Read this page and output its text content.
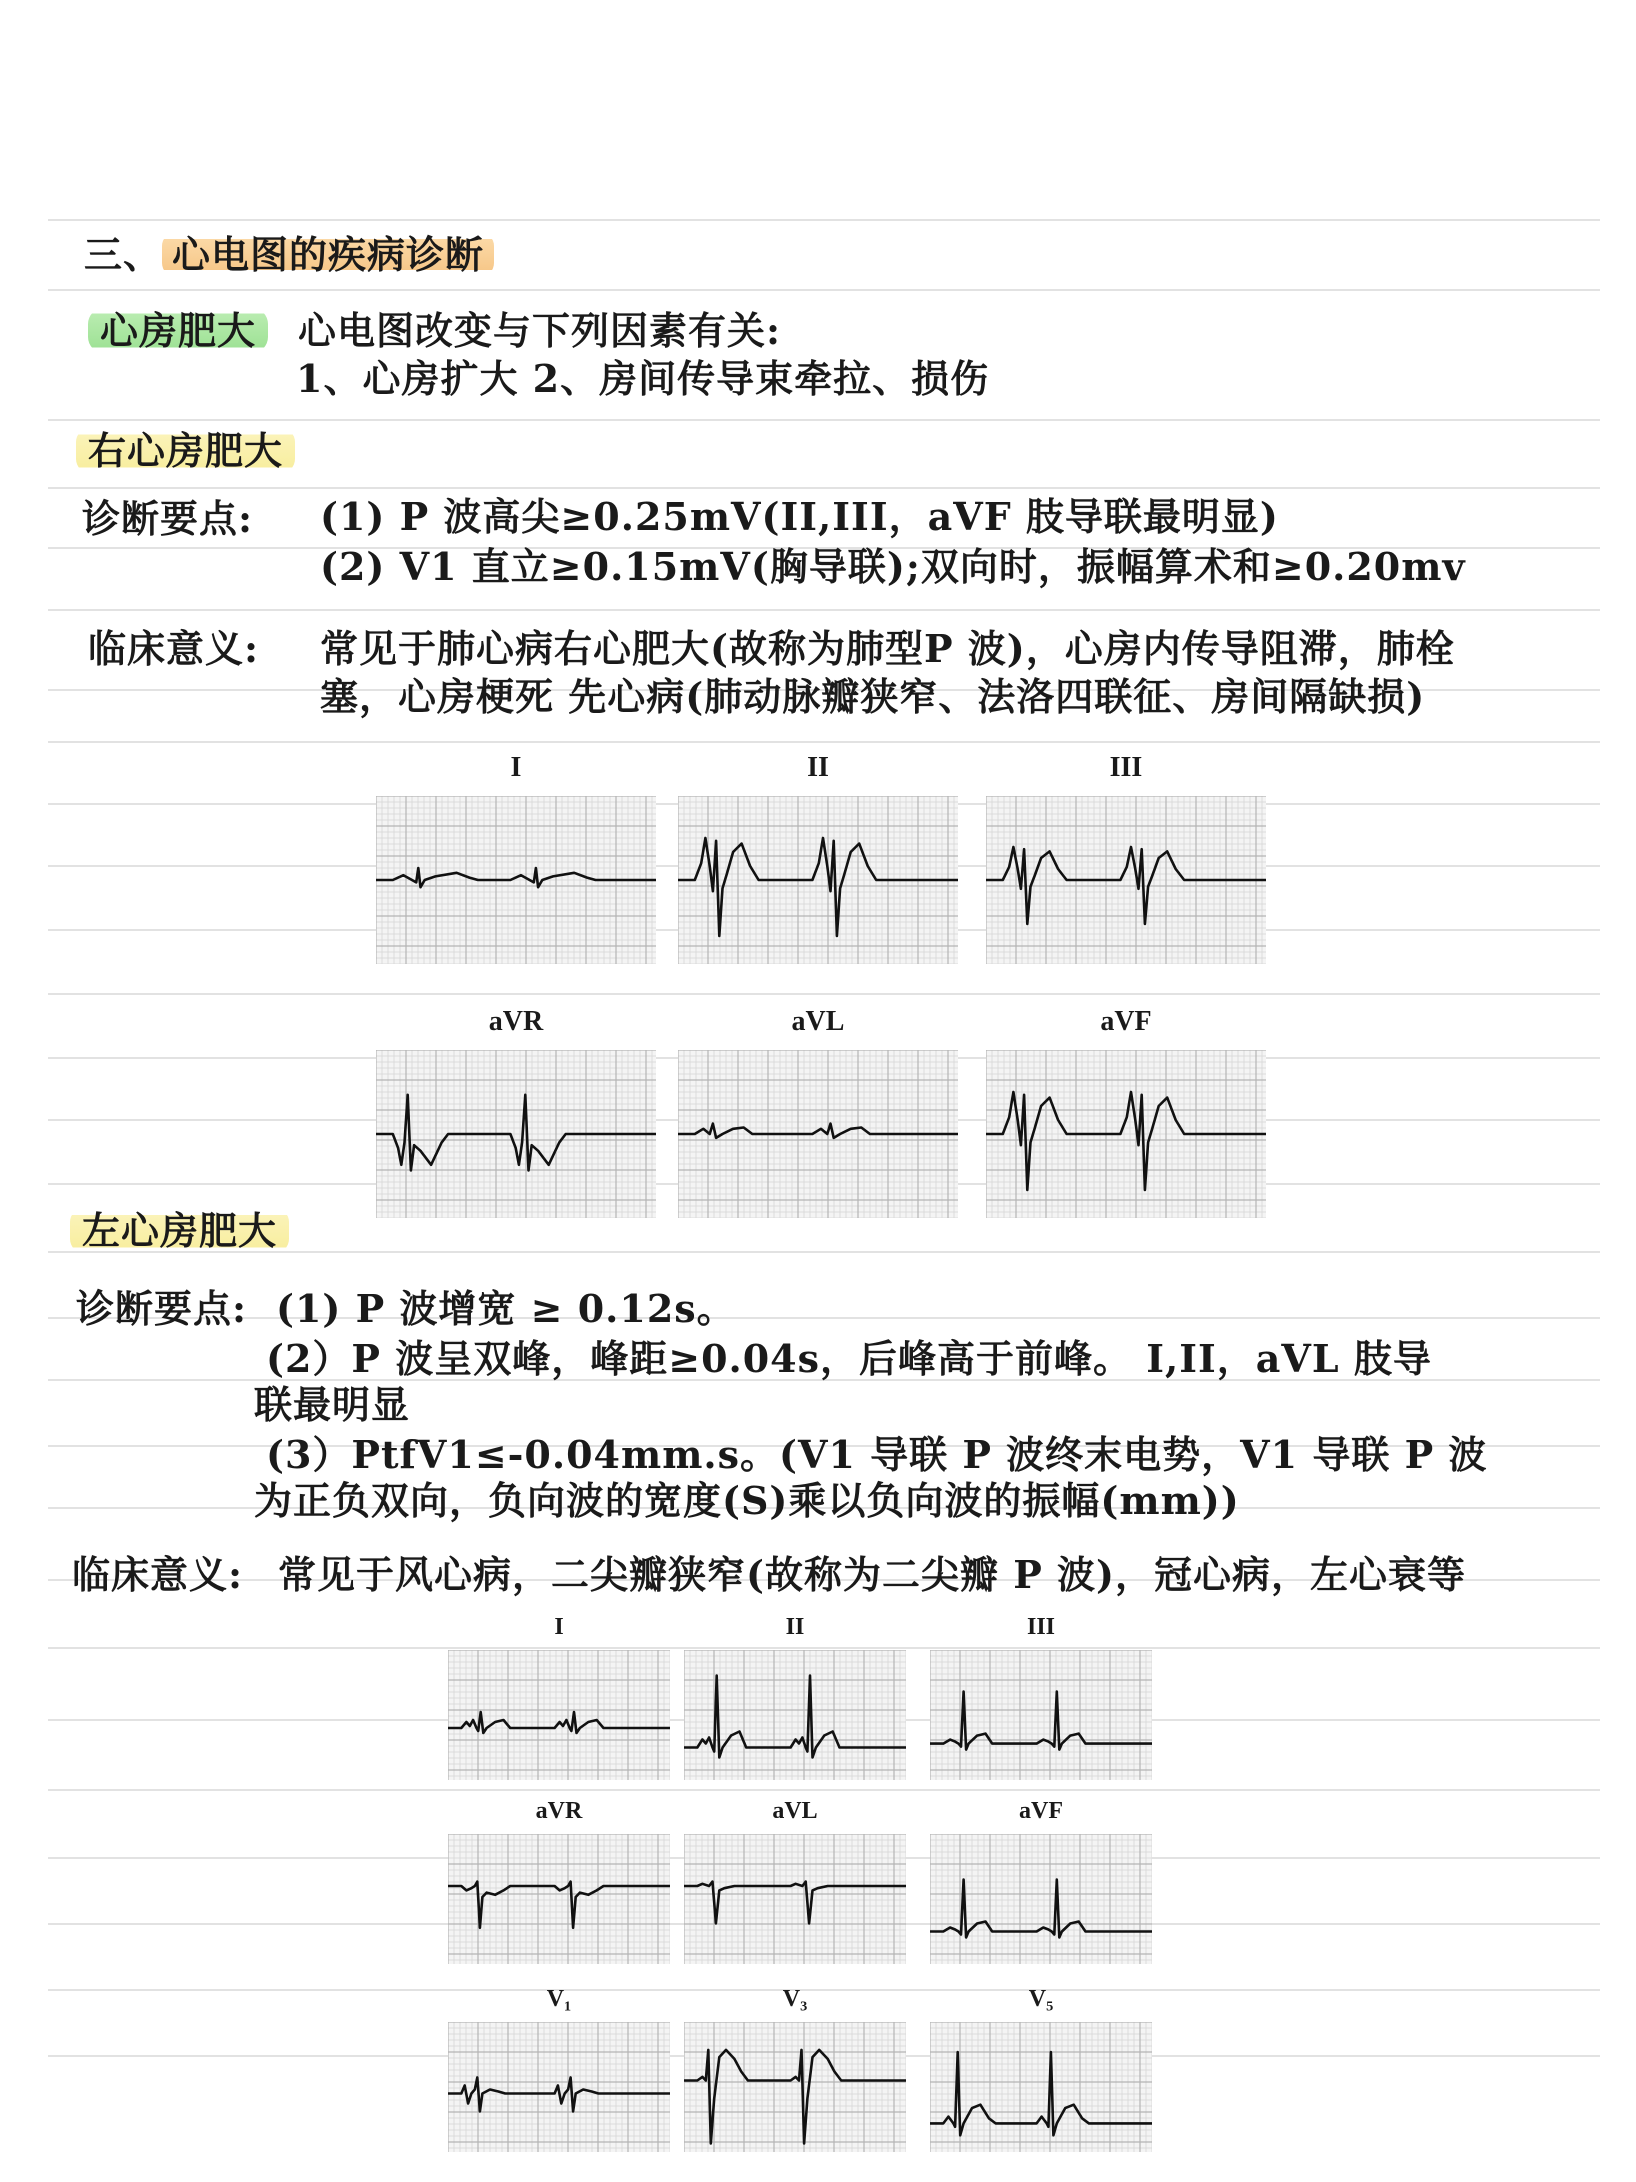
三、 心电图的疾病诊断
心房肥大	心电图改变与下列因素有关:
1、心房扩大 2、房间传导束牵拉、损伤
右心房肥大
诊断要点: (1) P 波高尖≥0.25mV(II,III，aVF 肢导联最明显)
(2) V1 直立≥0.15mV(胸导联);双向时，振幅算术和≥0.20mv
临床意义: 常见于肺心病右心肥大(故称为肺型P 波)，心房内传导阻滞，肺栓
塞，心房梗死 先心病(肺动脉瓣狭窄、法洛四联征、房间隔缺损)
左心房肥大
诊断要点: (1) P 波增宽 ≥ 0.12s。
(2）P 波呈双峰，峰距≥0.04s，后峰高于前峰。 I,II，aVL 肢导
联最明显
(3）PtfV1≤-0.04mm.s。(V1 导联 P 波终末电势，V1 导联 P 波
为正负双向，负向波的宽度(S)乘以负向波的振幅(mm))
临床意义: 常见于风心病，二尖瓣狭窄(故称为二尖瓣 P 波)，冠心病，左心衰等
I	II	III
aVR	aVL	aVF
I	II	III
aVR	aVL	aVF
V₁	V₃	V₅
